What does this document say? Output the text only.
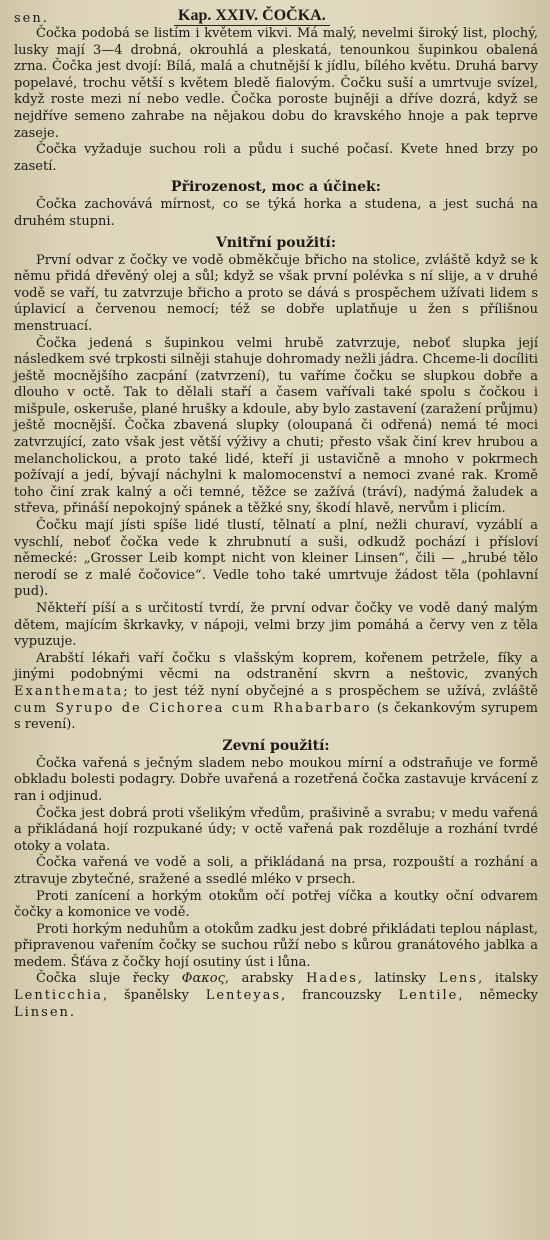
sen.	Kap. XXIV. ČOČKA.

Čočka podobá se listím i květem vikvi. Má malý, nevelmi široký list, plochý, lusky mají 3—4 drobná, okrouhlá a pleskatá, tenounkou šupinkou obalená zrna. Čočka jest dvojí: Bílá, malá a chutnější k jídlu, bílého květu. Druhá barvy popelavé, trochu větší s květem bledě fialovým. Čočku suší a umrtvuje svízel, když roste mezi ní nebo vedle. Čočka poroste bujněji a dříve dozrá, když se nejdříve semeno zahrabe na nějakou dobu do kravského hnoje a pak teprve zaseje.

Čočka vyžaduje suchou roli a půdu i suché počasí. Kvete hned brzy po zasetí.

Přirozenost, moc a účinek:

Čočka zachovává mírnost, co se týká horka a studena, a jest suchá na druhém stupni.

Vnitřní použití:

První odvar z čočky ve vodě obměkčuje břicho na stolice, zvláště když se k němu přidá dřevěný olej a sůl; když se však první polévka s ní slije, a v druhé vodě se vaří, tu zatvrzuje břicho a proto se dává s prospěchem užívati lidem s úplavicí a červenou nemocí; též se dobře uplatňuje u žen s přílišnou menstruací.

Čočka jedená s šupinkou velmi hrubě zatvrzuje, neboť slupka její následkem své trpkosti silněji stahuje dohromady nežli jádra. Chceme-li docíliti ještě mocnějšího zacpání (zatvrzení), tu vaříme čočku se slupkou dobře a dlouho v octě. Tak to dělali staří a časem vařívali také spolu s čočkou i mišpule, oskeruše, plané hrušky a kdoule, aby bylo zastavení (zaražení průjmu) ještě mocnější. Čočka zbavená slupky (oloupaná či odřená) nemá té moci zatvrzující, zato však jest větší výživy a chuti; přesto však činí krev hrubou a melancholickou, a proto také lidé, kteří ji ustavičně a mnoho v pokrmech požívají a jedí, bývají náchylni k malomocenství a nemoci zvané rak. Kromě toho činí zrak kalný a oči temné, těžce se zažívá (tráví), nadýmá žaludek a střeva, přináší nepokojný spánek a těžké sny, škodí hlavě, nervům i plicím.

Čočku mají jísti spíše lidé tlustí, tělnatí a plní, nežli churaví, vyzáblí a vyschlí, neboť čočka vede k zhrubnutí a suši, odkudž pochází i přísloví německé: „Grosser Leib kompt nicht von kleiner Linsen“, čili — „hrubé tělo nerodí se z malé čočovice“. Vedle toho také umrtvuje žádost těla (pohlavní pud).

Někteří píší a s určitostí tvrdí, že první odvar čočky ve vodě daný malým dětem, majícím škrkavky, v nápoji, velmi brzy jim pomáhá a červy ven z těla vypuzuje.

Arabští lékaři vaří čočku s vlašským koprem, kořenem petržele, fíky a jinými podobnými věcmi na odstranění skvrn a neštovic, zvaných Exanthemata; to jest též nyní obyčejné a s prospěchem se užívá, zvláště cum Syrupo de Cichorea cum Rhabarbaro (s čekankovým syrupem s revení).

Zevní použití:

Čočka vařená s ječným sladem nebo moukou mírní a odstraňuje ve formě obkladu bolesti podagry. Dobře uvařená a rozetřená čočka zastavuje krvácení z ran i odjinud.

Čočka jest dobrá proti všelikým vředům, prašivině a svrabu; v medu vařená a přikládaná hojí rozpukané údy; v octě vařená pak rozděluje a rozhání tvrdé otoky a volata.

Čočka vařená ve vodě a soli, a přikládaná na prsa, rozpouští a rozhání a ztravuje zbytečné, sražené a ssedlé mléko v prsech.

Proti zanícení a horkým otokům očí potřej víčka a koutky oční odvarem čočky a komonice ve vodě.

Proti horkým neduhům a otokům zadku jest dobré přikládati teplou náplast, připravenou vařením čočky se suchou růží nebo s kůrou granátového jablka a medem. Šťáva z čočky hojí osutiny úst i lůna.

Čočka sluje řecky Φακος, arabsky Hades, latinsky Lens, italsky Lenticchia, španělsky Lenteyas, francouzsky Lentile, německy Linsen.
